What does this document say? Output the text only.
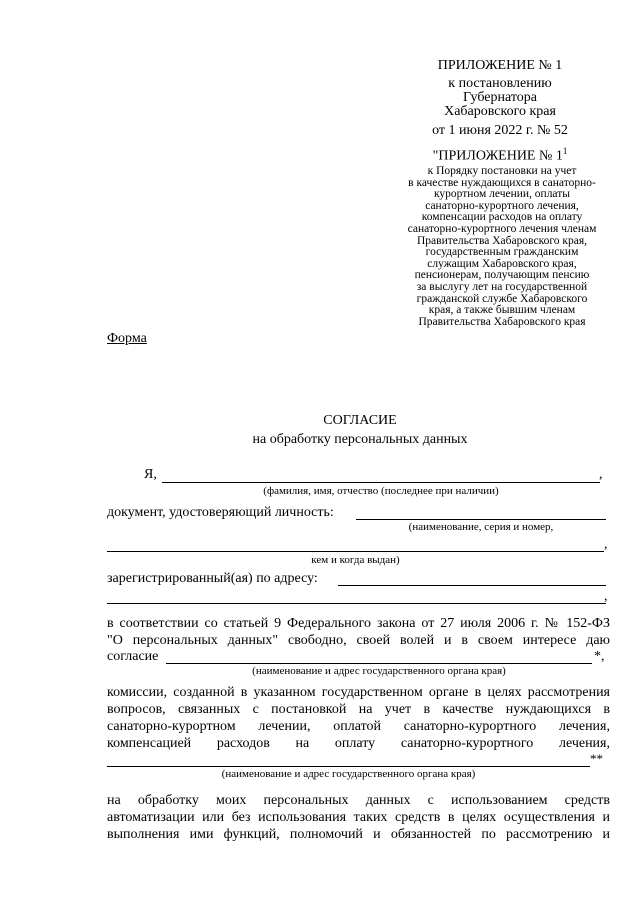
ПРИЛОЖЕНИЕ № 1
к постановлению
Губернатора
Хабаровского края
от 1 июня 2022 г. № 52
"ПРИЛОЖЕНИЕ № $1^1$
к Порядку постановки на учет
в качестве нуждающихся в санаторно-
курортном лечении, оплаты
санаторно-курортного лечения,
компенсации расходов на оплату
санаторно-курортного лечения членам
Правительства Хабаровского края,
государственным гражданским
служащим Хабаровского края,
пенсионерам, получающим пенсию
за выслугу лет на государственной
гражданской службе Хабаровского
края, а также бывшим членам
Правительства Хабаровского края
Форма
СОГЛАСИЕ
на обработку персональных данных
Я,	,
(фамилия, имя, отчество (последнее при наличии)
документ, удостоверяющий личность:
(наименование, серия и номер,
,
кем и когда выдан)
зарегистрированный(ая) по адресу:
,
в соответствии со статьей 9 Федерального закона от 27 июля 2006 г. № 152-ФЗ
"О персональных данных" свободно, своей волей и в своем интересе даю
согласие	*,
(наименование и адрес государственного органа края)
комиссии, созданной в указанном государственном органе в целях рассмотрения
вопросов, связанных с постановкой на учет в качестве нуждающихся в
санаторно-курортном лечении, оплатой санаторно-курортного лечения,
компенсацией расходов на оплату санаторно-курортного лечения,
**
(наименование и адрес государственного органа края)
на обработку моих персональных данных с использованием средств
автоматизации или без использования таких средств в целях осуществления и
выполнения ими функций, полномочий и обязанностей по рассмотрению и
